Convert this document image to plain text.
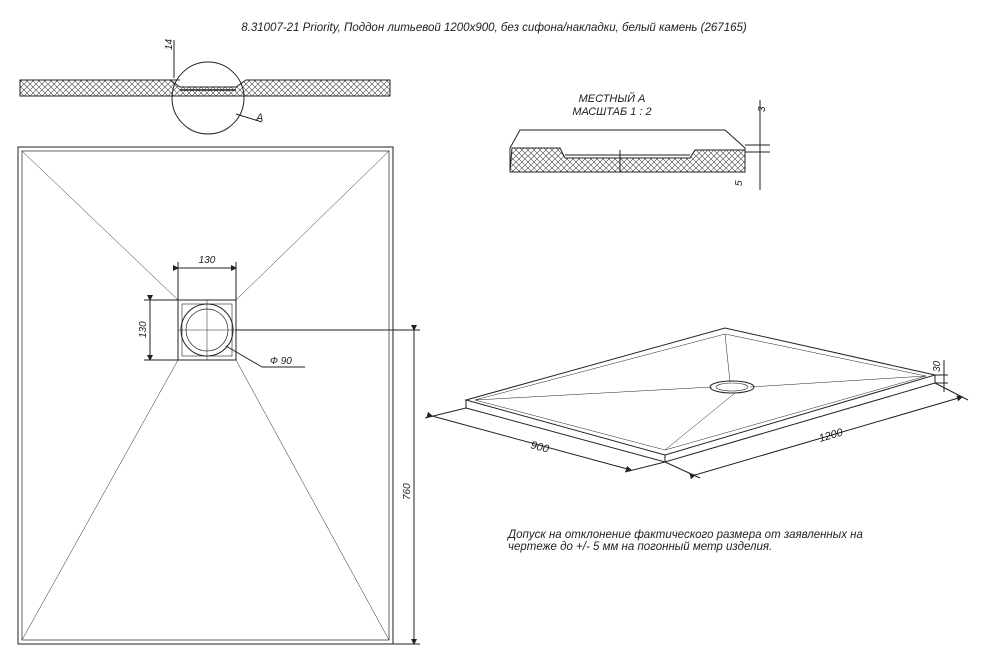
8.31007-21 Priority, Поддон литьевой 1200x900, без сифона/накладки, белый камень (267165)
14
A
МЕСТНЫЙ А
МАСШТАБ 1 : 2	3
5
130
130
Ф 90
760
900
1200
30
Допуск на отклонение фактического размера от заявленных на
чертеже до +/- 5 мм на погонный метр изделия.
